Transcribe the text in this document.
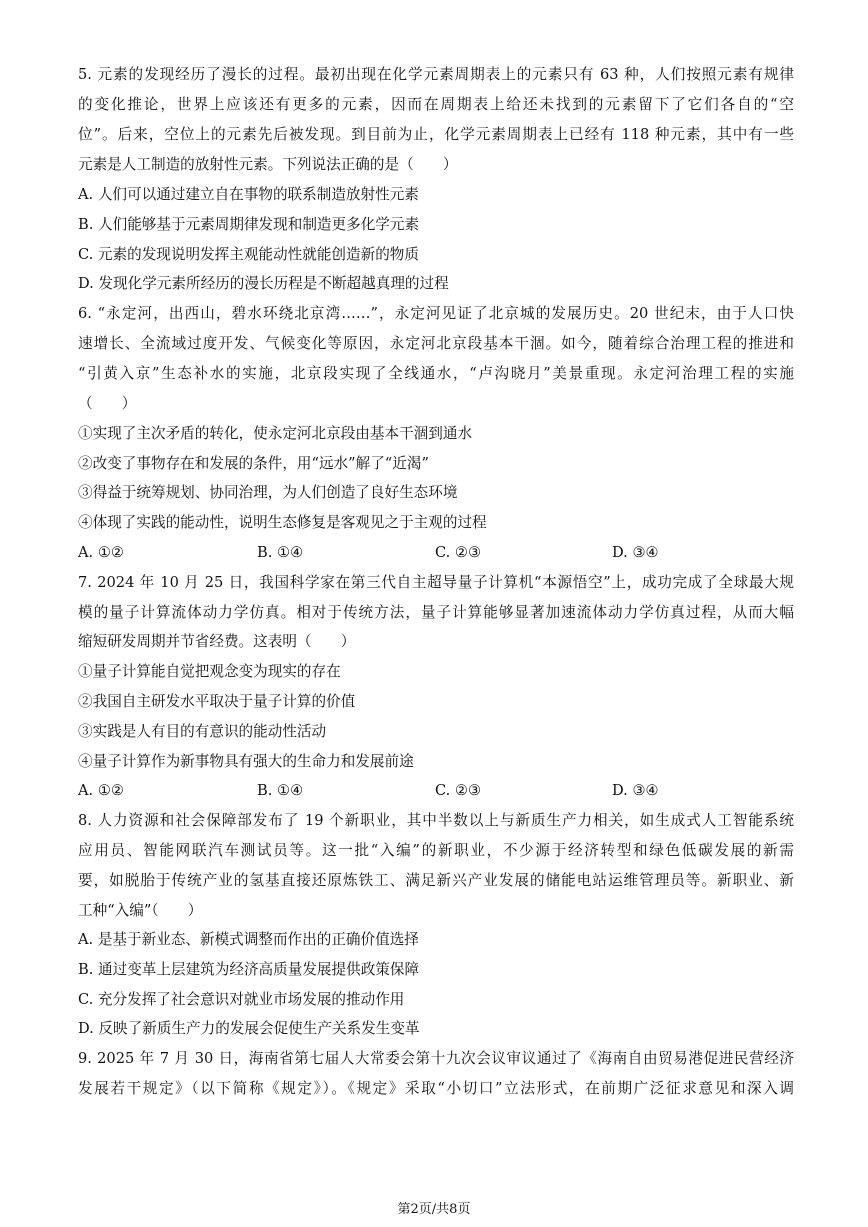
5. 元素的发现经历了漫长的过程。最初出现在化学元素周期表上的元素只有 63 种，人们按照元素有规律
的变化推论，世界上应该还有更多的元素，因而在周期表上给还未找到的元素留下了它们各自的“空
位”。后来，空位上的元素先后被发现。到目前为止，化学元素周期表上已经有 118 种元素，其中有一些
元素是人工制造的放射性元素。下列说法正确的是（　　）
A. 人们可以通过建立自在事物的联系制造放射性元素
B. 人们能够基于元素周期律发现和制造更多化学元素
C. 元素的发现说明发挥主观能动性就能创造新的物质
D. 发现化学元素所经历的漫长历程是不断超越真理的过程
6. “永定河，出西山，碧水环绕北京湾……”，永定河见证了北京城的发展历史。20 世纪末，由于人口快
速增长、全流域过度开发、气候变化等原因，永定河北京段基本干涸。如今，随着综合治理工程的推进和
“引黄入京”生态补水的实施，北京段实现了全线通水，“卢沟晓月”美景重现。永定河治理工程的实施
（　　）
①实现了主次矛盾的转化，使永定河北京段由基本干涸到通水
②改变了事物存在和发展的条件，用“远水”解了“近渴”
③得益于统筹规划、协同治理，为人们创造了良好生态环境
④体现了实践的能动性，说明生态修复是客观见之于主观的过程
A. ①②	B. ①④	C. ②③	D. ③④
7. 2024 年 10 月 25 日，我国科学家在第三代自主超导量子计算机“本源悟空”上，成功完成了全球最大规
模的量子计算流体动力学仿真。相对于传统方法，量子计算能够显著加速流体动力学仿真过程，从而大幅
缩短研发周期并节省经费。这表明（　　）
①量子计算能自觉把观念变为现实的存在
②我国自主研发水平取决于量子计算的价值
③实践是人有目的有意识的能动性活动
④量子计算作为新事物具有强大的生命力和发展前途
A. ①②	B. ①④	C. ②③	D. ③④
8. 人力资源和社会保障部发布了 19 个新职业，其中半数以上与新质生产力相关，如生成式人工智能系统
应用员、智能网联汽车测试员等。这一批“入编”的新职业，不少源于经济转型和绿色低碳发展的新需
要，如脱胎于传统产业的氢基直接还原炼铁工、满足新兴产业发展的储能电站运维管理员等。新职业、新
工种“入编”（　　）
A. 是基于新业态、新模式调整而作出的正确价值选择
B. 通过变革上层建筑为经济高质量发展提供政策保障
C. 充分发挥了社会意识对就业市场发展的推动作用
D. 反映了新质生产力的发展会促使生产关系发生变革
9. 2025 年 7 月 30 日，海南省第七届人大常委会第十九次会议审议通过了《海南自由贸易港促进民营经济
发展若干规定》（以下简称《规定》）。《规定》采取“小切口”立法形式，在前期广泛征求意见和深入调
第2页/共8页
